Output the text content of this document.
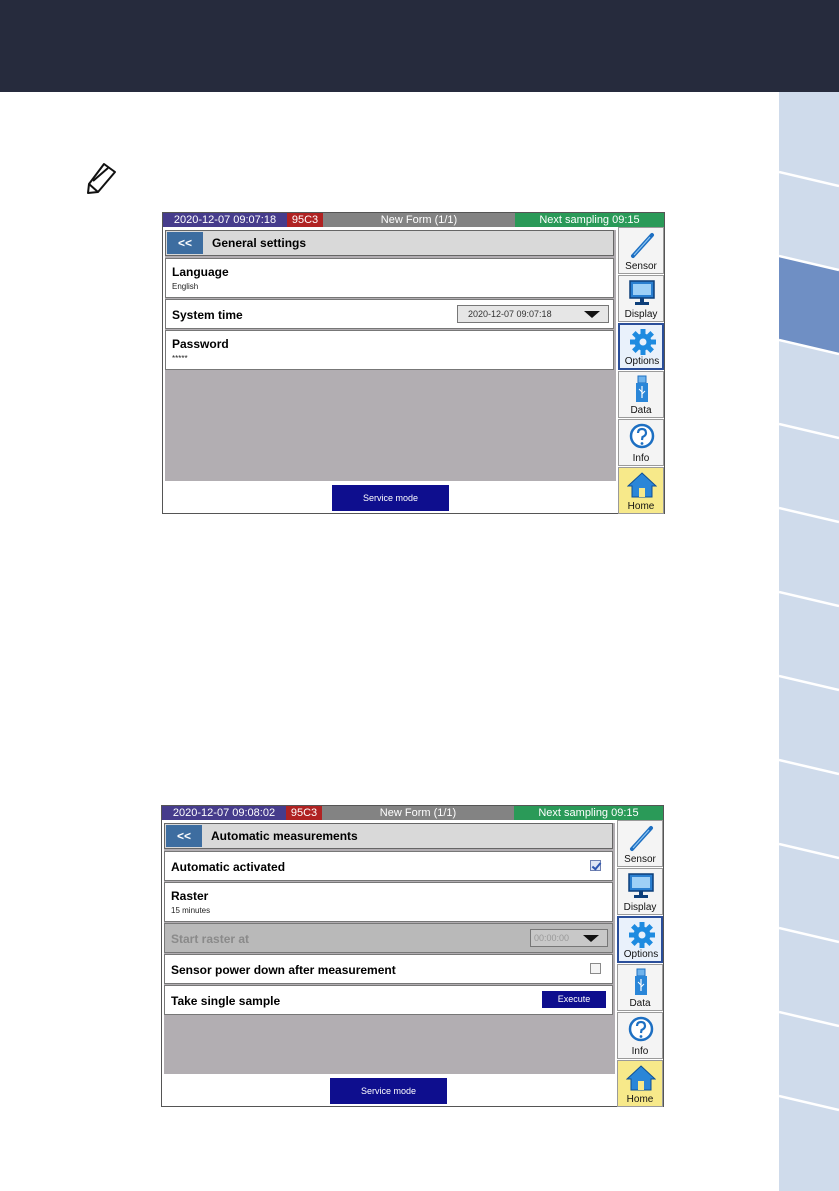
2020-12-07 09:07:18	95C3	New Form (1/1)	Next sampling 09:15
<<	General settings
Language
English
System time	2020-12-07 09:07:18
Password
*****
Service mode
Sensor
Display
Options
Data
Info
Home
2020-12-07 09:08:02	95C3	New Form (1/1)	Next sampling 09:15
<<	Automatic measurements
Automatic activated
Raster
15 minutes
Start raster at	00:00:00
Sensor power down after measurement
Take single sample	Execute
Service mode
Sensor
Display
Options
Data
Info
Home
